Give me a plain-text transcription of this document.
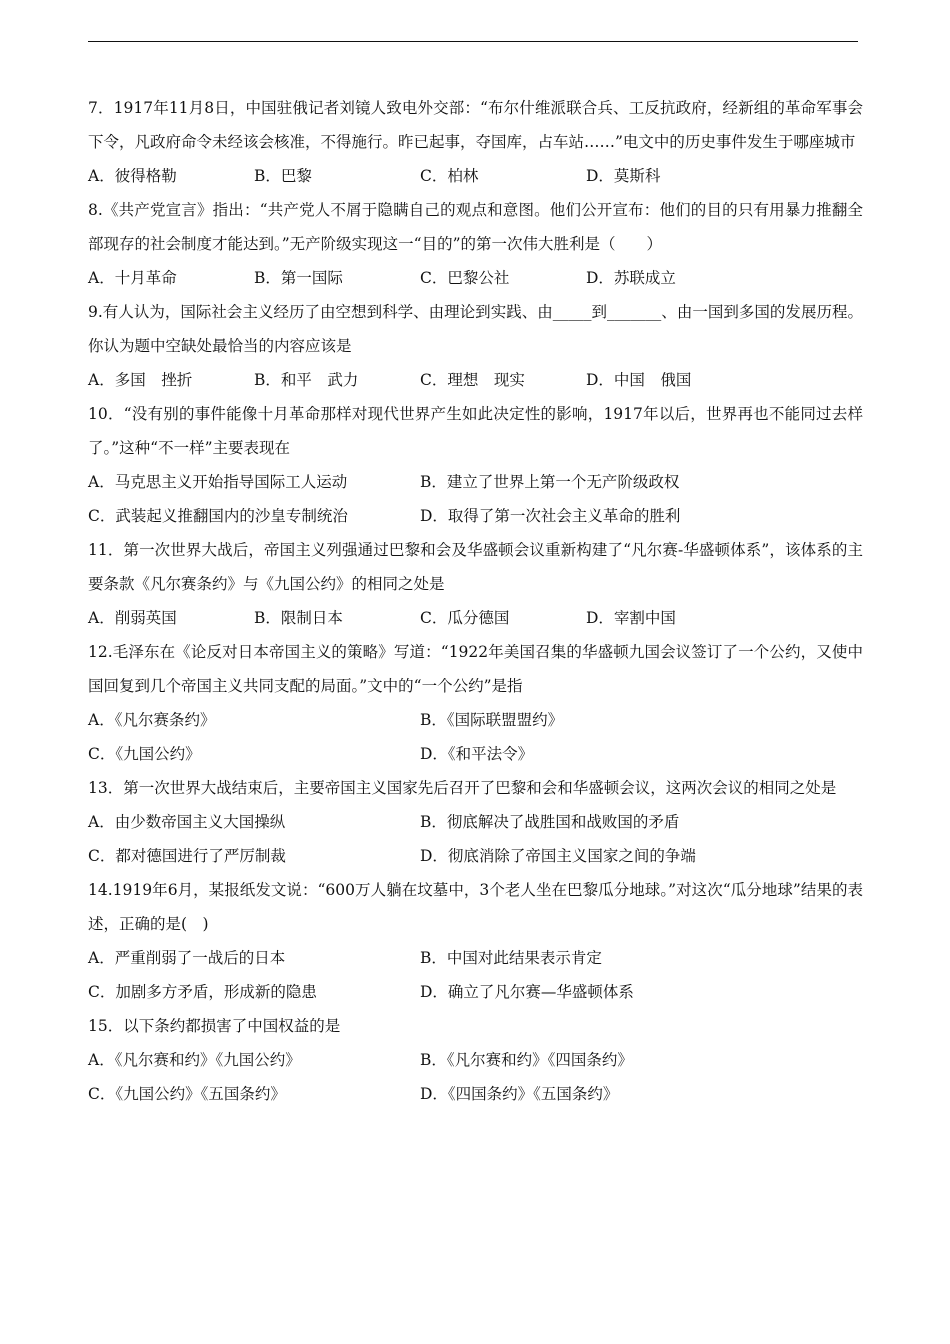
7．1917年11月8日，中国驻俄记者刘镜人致电外交部：“布尔什维派联合兵、工反抗政府，经新组的革命军事会下令，凡政府命令未经该会核准，不得施行。昨已起事，夺国库，占车站……”电文中的历史事件发生于哪座城市

A．彼得格勒	B．巴黎	C．柏林	D．莫斯科

8.《共产党宣言》指出：“共产党人不屑于隐瞒自己的观点和意图。他们公开宣布：他们的目的只有用暴力推翻全部现存的社会制度才能达到。”无产阶级实现这一“目的”的第一次伟大胜利是（　　）

A．十月革命	B．第一国际	C．巴黎公社	D．苏联成立

9.有人认为，国际社会主义经历了由空想到科学、由理论到实践、由_____到_______、由一国到多国的发展历程。你认为题中空缺处最恰当的内容应该是

A．多国　挫折	B．和平　武力	C．理想　现实	D．中国　俄国

10．“没有别的事件能像十月革命那样对现代世界产生如此决定性的影响，1917年以后，世界再也不能同过去样了。”这种“不一样”主要表现在

A．马克思主义开始指导国际工人运动	B．建立了世界上第一个无产阶级政权
C．武装起义推翻国内的沙皇专制统治	D．取得了第一次社会主义革命的胜利

11．第一次世界大战后，帝国主义列强通过巴黎和会及华盛顿会议重新构建了“凡尔赛-华盛顿体系”，该体系的主要条款《凡尔赛条约》与《九国公约》的相同之处是

A．削弱英国	B．限制日本	C．瓜分德国	D．宰割中国

12.毛泽东在《论反对日本帝国主义的策略》写道：“1922年美国召集的华盛顿九国会议签订了一个公约，又使中国回复到几个帝国主义共同支配的局面。”文中的“一个公约”是指

A．《凡尔赛条约》	B．《国际联盟盟约》
C．《九国公约》	D．《和平法令》

13．第一次世界大战结束后，主要帝国主义国家先后召开了巴黎和会和华盛顿会议，这两次会议的相同之处是

A．由少数帝国主义大国操纵	B．彻底解决了战胜国和战败国的矛盾
C．都对德国进行了严厉制裁	D．彻底消除了帝国主义国家之间的争端

14.1919年6月，某报纸发文说：“600万人躺在坟墓中，3个老人坐在巴黎瓜分地球。”对这次“瓜分地球”结果的表述，正确的是(　)

A．严重削弱了一战后的日本	B．中国对此结果表示肯定
C．加剧多方矛盾，形成新的隐患	D．确立了凡尔赛—华盛顿体系

15．以下条约都损害了中国权益的是

A．《凡尔赛和约》《九国公约》	B．《凡尔赛和约》《四国条约》
C．《九国公约》《五国条约》	D．《四国条约》《五国条约》
